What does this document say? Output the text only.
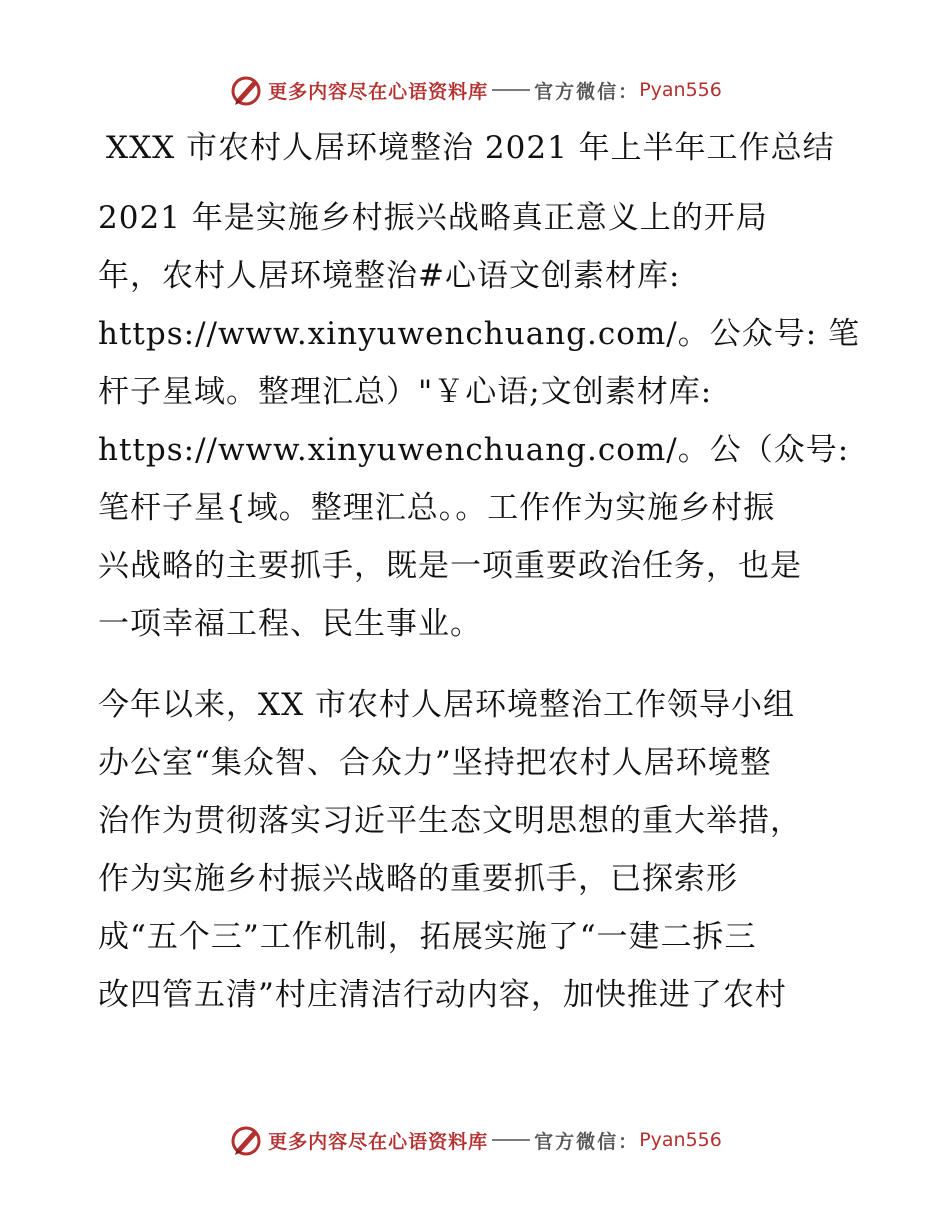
更多内容尽在心语资料库 官方微信： Pyan556
XXX 市农村人居环境整治 2021 年上半年工作总结
2021 年是实施乡村振兴战略真正意义上的开局
年，农村人居环境整治#心语文创素材库:
https://www.xinyuwenchuang.com/。公众号: 笔
杆子星域。整理汇总）"￥心语;文创素材库:
https://www.xinyuwenchuang.com/。公（众号:
笔杆子星{域。整理汇总。。工作作为实施乡村振
兴战略的主要抓手，既是一项重要政治任务，也是
一项幸福工程、民生事业。
今年以来，XX 市农村人居环境整治工作领导小组
办公室“集众智、合众力”坚持把农村人居环境整
治作为贯彻落实习近平生态文明思想的重大举措，
作为实施乡村振兴战略的重要抓手，已探索形
成“五个三”工作机制，拓展实施了“一建二拆三
改四管五清”村庄清洁行动内容，加快推进了农村
更多内容尽在心语资料库 官方微信： Pyan556
